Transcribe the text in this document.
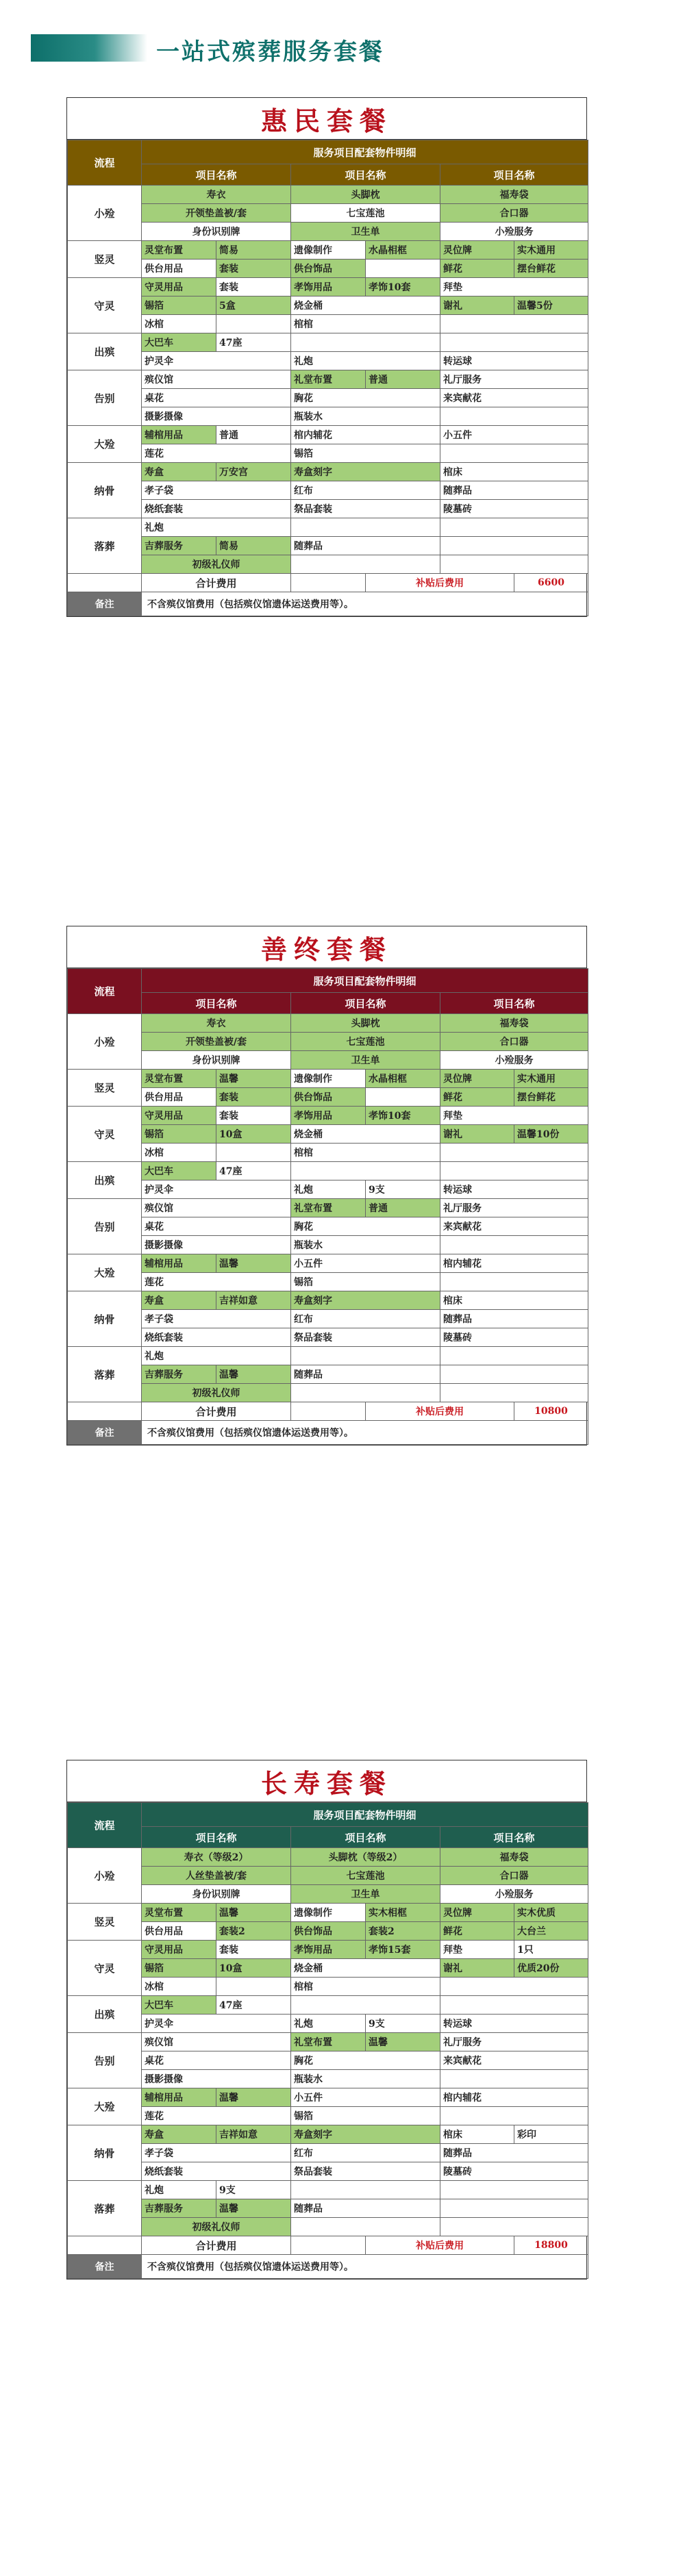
一站式殡葬服务套餐
惠民套餐
流程	服务项目配套物件明细					
	项目名称		项目名称		项目名称	
小殓	寿衣		头脚枕		福寿袋	
	开领垫盖被/套		七宝莲池		合口器	
	身份识别牌		卫生单		小殓服务	
竖灵	灵堂布置	简易	遗像制作	水晶相框	灵位牌	实木通用
	供台用品	套装	供台饰品		鲜花	摆台鲜花
守灵	守灵用品	套装	孝饰用品	孝饰10套	拜垫	
	锡箔	5盒	烧金桶		谢礼	温馨5份
	冰棺		棺棺			
出殡	大巴车	47座				
	护灵伞		礼炮		转运球	
告别	殡仪馆		礼堂布置	普通	礼厅服务	
	桌花		胸花		来宾献花	
	摄影摄像		瓶装水			
大殓	辅棺用品	普通	棺内辅花		小五件	
	莲花		锡箔			
纳骨	寿盒	万安宫	寿盒刻字		棺床	
	孝子袋		红布		随葬品	
	烧纸套装		祭品套装		陵墓砖	
落葬	礼炮					
	吉葬服务	简易	随葬品			
	初级礼仪师					
	合计费用			补贴后费用		6600
备注	不含殡仪馆费用（包括殡仪馆遗体运送费用等）。					
善终套餐
流程	服务项目配套物件明细					
	项目名称		项目名称		项目名称	
小殓	寿衣		头脚枕		福寿袋	
	开领垫盖被/套		七宝莲池		合口器	
	身份识别牌		卫生单		小殓服务	
竖灵	灵堂布置	温馨	遗像制作	水晶相框	灵位牌	实木通用
	供台用品	套装	供台饰品		鲜花	摆台鲜花
守灵	守灵用品	套装	孝饰用品	孝饰10套	拜垫	
	锡箔	10盒	烧金桶		谢礼	温馨10份
	冰棺		棺棺			
出殡	大巴车	47座				
	护灵伞		礼炮	9支	转运球	
告别	殡仪馆		礼堂布置	普通	礼厅服务	
	桌花		胸花		来宾献花	
	摄影摄像		瓶装水			
大殓	辅棺用品	温馨	小五件		棺内辅花	
	莲花		锡箔			
纳骨	寿盒	吉祥如意	寿盒刻字		棺床	
	孝子袋		红布		随葬品	
	烧纸套装		祭品套装		陵墓砖	
落葬	礼炮					
	吉葬服务	温馨	随葬品			
	初级礼仪师					
	合计费用			补贴后费用		10800
备注	不含殡仪馆费用（包括殡仪馆遗体运送费用等）。					
长寿套餐
流程	服务项目配套物件明细					
	项目名称		项目名称		项目名称	
小殓	寿衣（等级2）		头脚枕（等级2）		福寿袋	
	人丝垫盖被/套		七宝莲池		合口器	
	身份识别牌		卫生单		小殓服务	
竖灵	灵堂布置	温馨	遗像制作	实木相框	灵位牌	实木优质
	供台用品	套装2	供台饰品	套装2	鲜花	大台兰
守灵	守灵用品	套装	孝饰用品	孝饰15套	拜垫	1只
	锡箔	10盒	烧金桶		谢礼	优质20份
	冰棺		棺棺			
出殡	大巴车	47座				
	护灵伞		礼炮	9支	转运球	
告别	殡仪馆		礼堂布置	温馨	礼厅服务	
	桌花		胸花		来宾献花	
	摄影摄像		瓶装水			
大殓	辅棺用品	温馨	小五件		棺内辅花	
	莲花		锡箔			
纳骨	寿盒	吉祥如意	寿盒刻字		棺床	彩印
	孝子袋		红布		随葬品	
	烧纸套装		祭品套装		陵墓砖	
落葬	礼炮	9支				
	吉葬服务	温馨	随葬品			
	初级礼仪师					
	合计费用			补贴后费用		18800
备注	不含殡仪馆费用（包括殡仪馆遗体运送费用等）。					
